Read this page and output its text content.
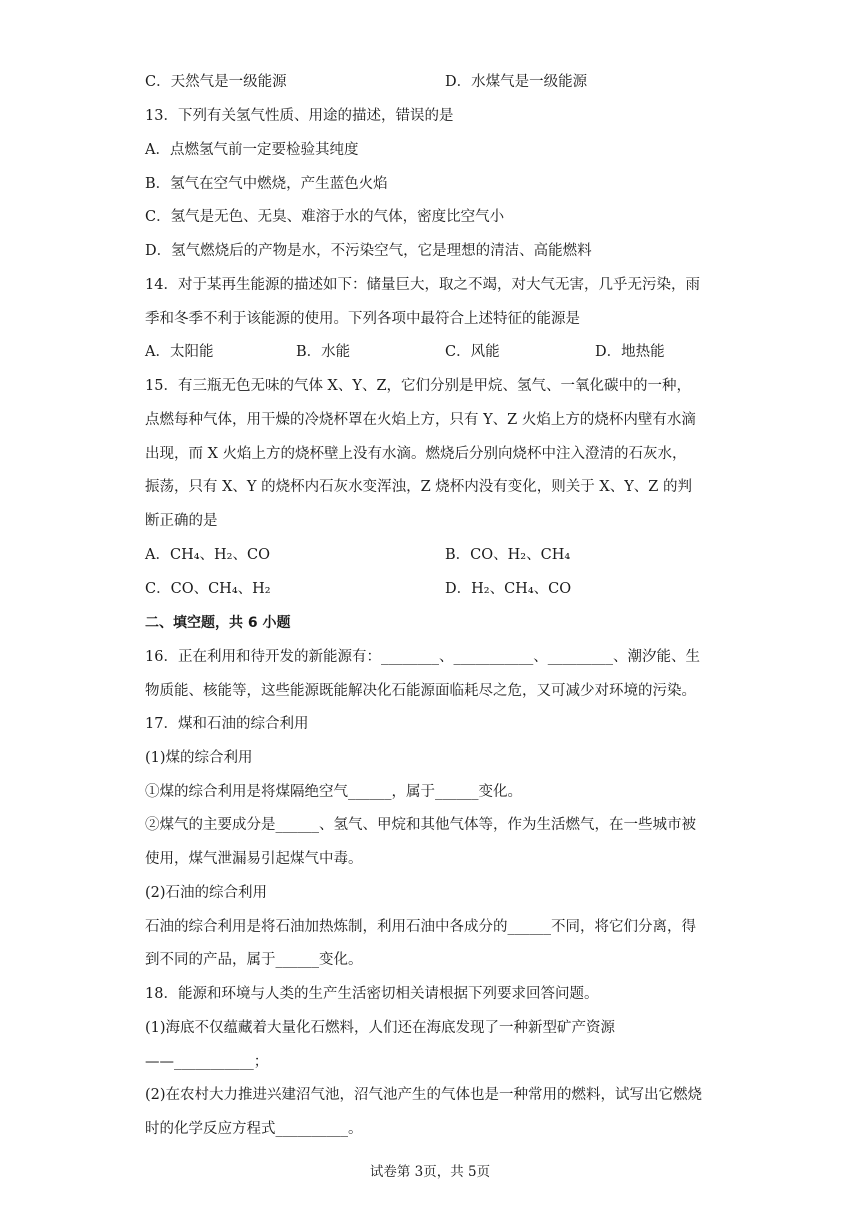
C．天然气是一级能源	D．水煤气是一级能源
13．下列有关氢气性质、用途的描述，错误的是
A．点燃氢气前一定要检验其纯度
B．氢气在空气中燃烧，产生蓝色火焰
C．氢气是无色、无臭、难溶于水的气体，密度比空气小
D．氢气燃烧后的产物是水，不污染空气，它是理想的清洁、高能燃料
14．对于某再生能源的描述如下：储量巨大，取之不竭，对大气无害，几乎无污染，雨
季和冬季不利于该能源的使用。下列各项中最符合上述特征的能源是
A．太阳能	B．水能	C．风能	D．地热能
15．有三瓶无色无味的气体 X、Y、Z，它们分别是甲烷、氢气、一氧化碳中的一种，
点燃每种气体，用干燥的冷烧杯罩在火焰上方，只有 Y、Z 火焰上方的烧杯内壁有水滴
出现，而 X 火焰上方的烧杯壁上没有水滴。燃烧后分别向烧杯中注入澄清的石灰水，
振荡，只有 X、Y 的烧杯内石灰水变浑浊，Z 烧杯内没有变化，则关于 X、Y、Z 的判
断正确的是
A．CH₄、H₂、CO	B．CO、H₂、CH₄
C．CO、CH₄、H₂	D．H₂、CH₄、CO
二、填空题，共 6 小题
16．正在利用和待开发的新能源有：________、___________、_________、潮汐能、生
物质能、核能等，这些能源既能解决化石能源面临耗尽之危，又可减少对环境的污染。
17．煤和石油的综合利用
(1)煤的综合利用
①煤的综合利用是将煤隔绝空气______，属于______变化。
②煤气的主要成分是______、氢气、甲烷和其他气体等，作为生活燃气，在一些城市被
使用，煤气泄漏易引起煤气中毒。
(2)石油的综合利用
石油的综合利用是将石油加热炼制，利用石油中各成分的______不同，将它们分离，得
到不同的产品，属于______变化。
18．能源和环境与人类的生产生活密切相关请根据下列要求回答问题。
(1)海底不仅蕴藏着大量化石燃料，人们还在海底发现了一种新型矿产资源
——___________；
(2)在农村大力推进兴建沼气池，沼气池产生的气体也是一种常用的燃料，试写出它燃烧
时的化学反应方程式__________。
试卷第 3页，共 5页
